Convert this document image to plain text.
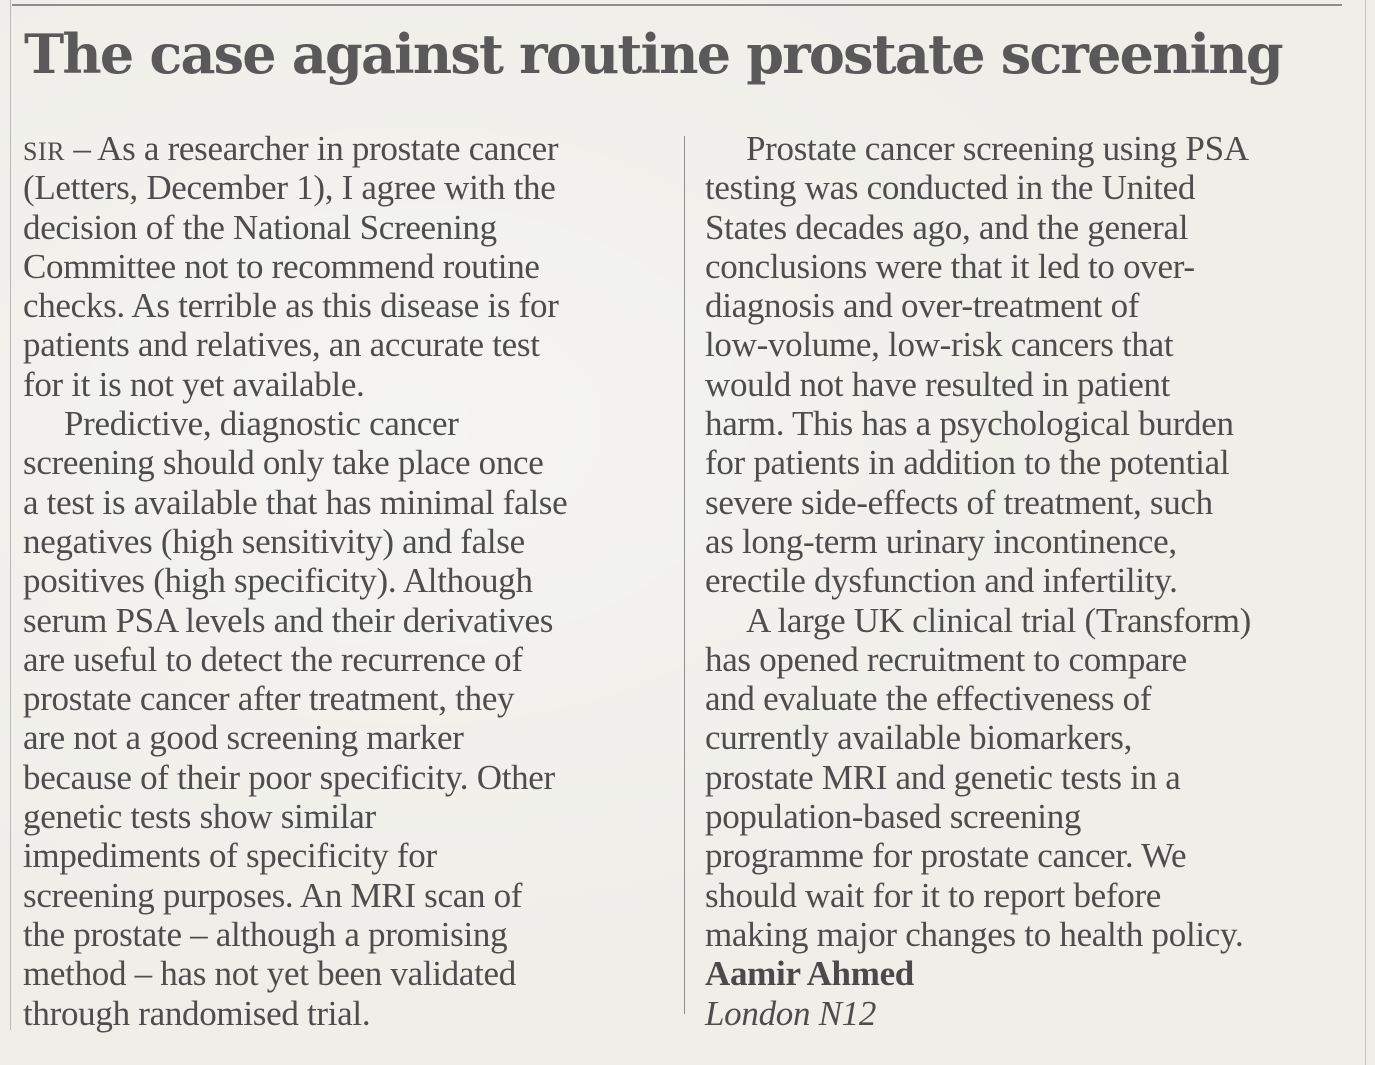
The case against routine prostate screening
SIR – As a researcher in prostate cancer
(Letters, December 1), I agree with the
decision of the National Screening
Committee not to recommend routine
checks. As terrible as this disease is for
patients and relatives, an accurate test
for it is not yet available.
Predictive, diagnostic cancer
screening should only take place once
a test is available that has minimal false
negatives (high sensitivity) and false
positives (high specificity). Although
serum PSA levels and their derivatives
are useful to detect the recurrence of
prostate cancer after treatment, they
are not a good screening marker
because of their poor specificity. Other
genetic tests show similar
impediments of specificity for
screening purposes. An MRI scan of
the prostate – although a promising
method – has not yet been validated
through randomised trial.
Prostate cancer screening using PSA
testing was conducted in the United
States decades ago, and the general
conclusions were that it led to over-
diagnosis and over-treatment of
low-volume, low-risk cancers that
would not have resulted in patient
harm. This has a psychological burden
for patients in addition to the potential
severe side-effects of treatment, such
as long-term urinary incontinence,
erectile dysfunction and infertility.
A large UK clinical trial (Transform)
has opened recruitment to compare
and evaluate the effectiveness of
currently available biomarkers,
prostate MRI and genetic tests in a
population-based screening
programme for prostate cancer. We
should wait for it to report before
making major changes to health policy.
Aamir Ahmed
London N12
